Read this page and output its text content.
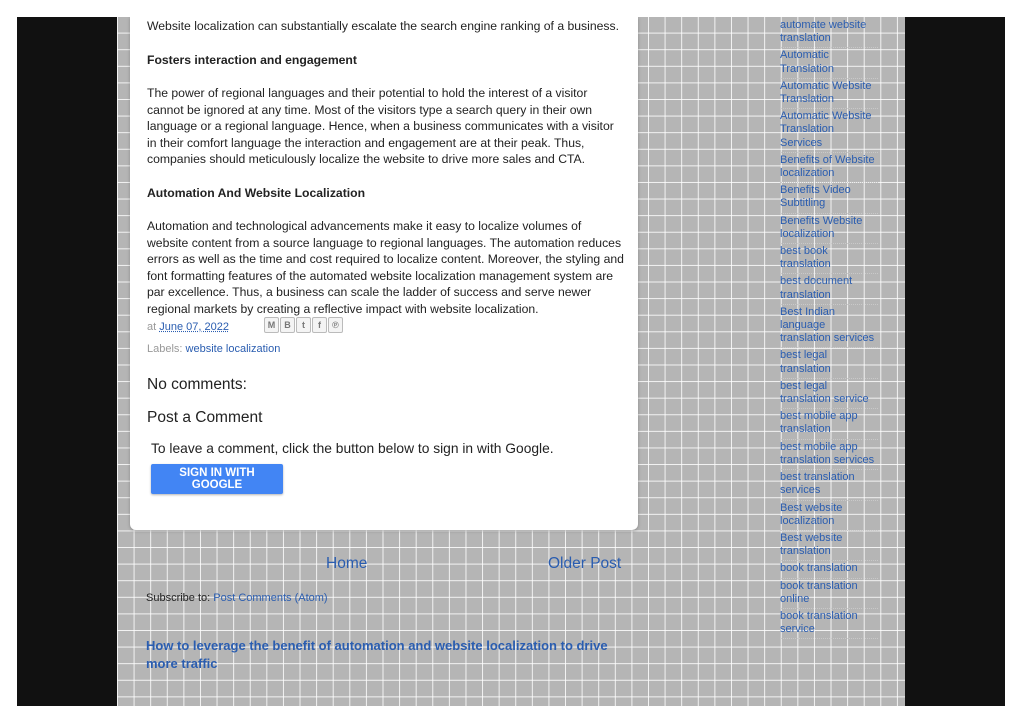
Website localization can substantially escalate the search engine ranking of a business.

Fosters interaction and engagement

The power of regional languages and their potential to hold the interest of a visitor cannot be ignored at any time. Most of the visitors type a search query in their own language or a regional language. Hence, when a business communicates with a visitor in their comfort language the interaction and engagement are at their peak. Thus, companies should meticulously localize the website to drive more sales and CTA.

Automation And Website Localization

Automation and technological advancements make it easy to localize volumes of website content from a source language to regional languages. The automation reduces errors as well as the time and cost required to localize content. Moreover, the styling and font formatting features of the automated website localization management system are par excellence. Thus, a business can scale the ladder of success and serve newer regional markets by creating a reflective impact with website localization.

at June 07, 2022	M	B	t	f	℗
Labels: website localization
No comments:
Post a Comment
To leave a comment, click the button below to sign in with Google.
SIGN IN WITH GOOGLE
Home	Older Post
Subscribe to: Post Comments (Atom)
How to leverage the benefit of automation and website localization to drive more traffic
automate website translation
Automatic Translation
Automatic Website Translation
Automatic Website Translation Services
Benefits of Website localization
Benefits Video Subtitling
Benefits Website localization
best book translation
best document translation
Best Indian language translation services
best legal translation
best legal translation service
best mobile app translation
best mobile app translation services
best translation services
Best website localization
Best website translation
book translation
book translation online
book translation service
